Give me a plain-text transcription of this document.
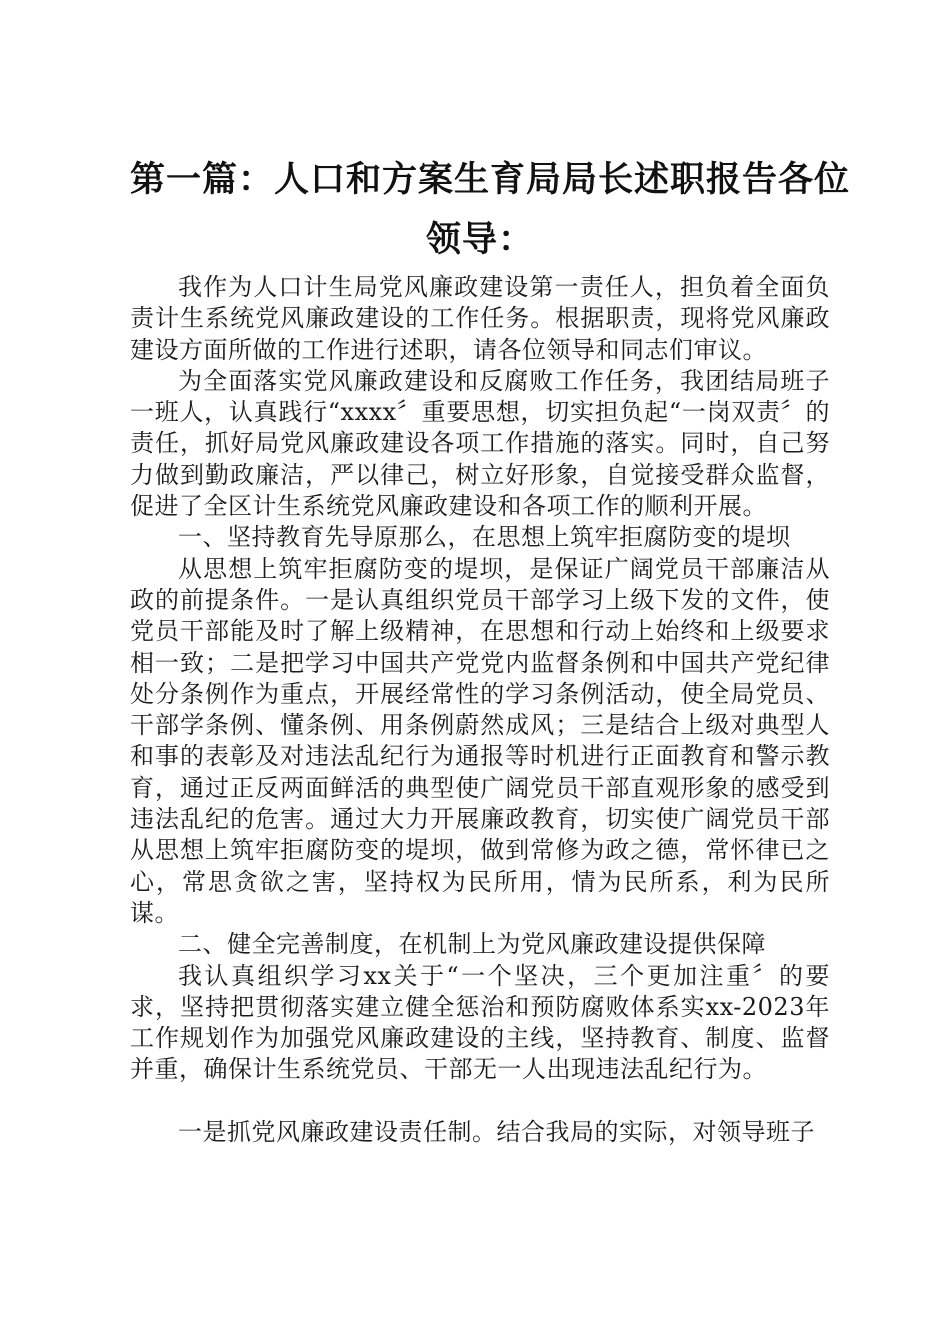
第一篇：人口和方案生育局局长述职报告各位
领导：

我作为人口计生局党风廉政建设第一责任人，担负着全面负责计生系统党风廉政建设的工作任务。根据职责，现将党风廉政建设方面所做的工作进行述职，请各位领导和同志们审议。

为全面落实党风廉政建设和反腐败工作任务，我团结局班子一班人，认真践行“xxxx〞重要思想，切实担负起“一岗双责〞的责任，抓好局党风廉政建设各项工作措施的落实。同时，自己努力做到勤政廉洁，严以律己，树立好形象，自觉接受群众监督，促进了全区计生系统党风廉政建设和各项工作的顺利开展。

一、坚持教育先导原那么，在思想上筑牢拒腐防变的堤坝

从思想上筑牢拒腐防变的堤坝，是保证广阔党员干部廉洁从政的前提条件。一是认真组织党员干部学习上级下发的文件，使党员干部能及时了解上级精神，在思想和行动上始终和上级要求相一致；二是把学习中国共产党党内监督条例和中国共产党纪律处分条例作为重点，开展经常性的学习条例活动，使全局党员、干部学条例、懂条例、用条例蔚然成风；三是结合上级对典型人和事的表彰及对违法乱纪行为通报等时机进行正面教育和警示教育，通过正反两面鲜活的典型使广阔党员干部直观形象的感受到违法乱纪的危害。通过大力开展廉政教育，切实使广阔党员干部从思想上筑牢拒腐防变的堤坝，做到常修为政之德，常怀律已之心，常思贪欲之害，坚持权为民所用，情为民所系，利为民所谋。

二、健全完善制度，在机制上为党风廉政建设提供保障

我认真组织学习xx关于“一个坚决，三个更加注重〞的要求，坚持把贯彻落实建立健全惩治和预防腐败体系实xx-2023年工作规划作为加强党风廉政建设的主线，坚持教育、制度、监督并重，确保计生系统党员、干部无一人出现违法乱纪行为。

一是抓党风廉政建设责任制。结合我局的实际，对领导班子
